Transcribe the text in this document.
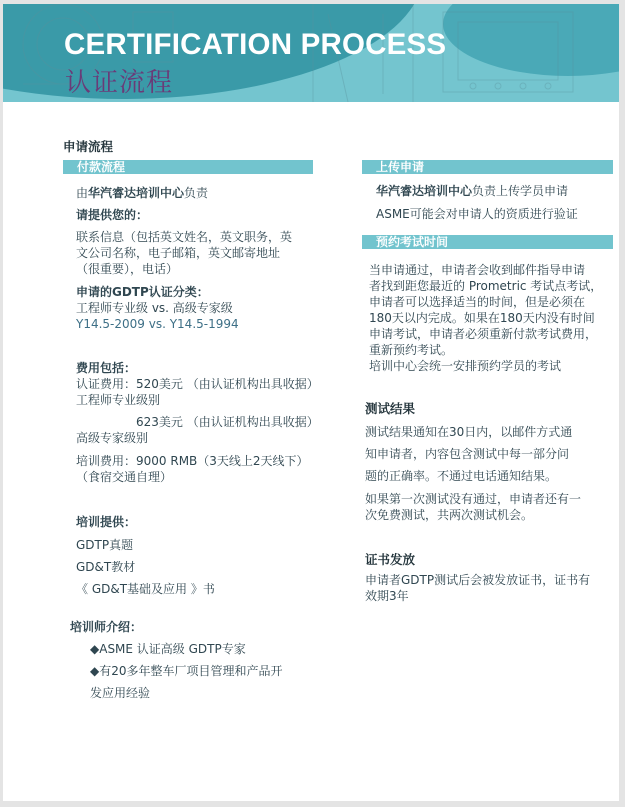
CERTIFICATION PROCESS
认证流程
申请流程
付款流程
由华汽睿达培训中心负责
请提供您的：
联系信息（包括英文姓名，英文职务，英
文公司名称，电子邮箱，英文邮寄地址
（很重要），电话）
申请的GDTP认证分类：
工程师专业级 vs. 高级专家级
Y14.5-2009 vs. Y14.5-1994
费用包括：
认证费用：520美元 （由认证机构出具收据）
工程师专业级别
623美元 （由认证机构出具收据）
高级专家级别
培训费用：9000 RMB（3天线上2天线下）
（食宿交通自理）
培训提供：
GDTP真题
GD&T教材
《 GD&T基础及应用 》书
培训师介绍：
◆ASME 认证高级 GDTP专家
◆有20多年整车厂项目管理和产品开
发应用经验
上传申请
华汽睿达培训中心负责上传学员申请
ASME可能会对申请人的资质进行验证
预约考试时间
当申请通过，申请者会收到邮件指导申请
者找到距您最近的 Prometric 考试点考试，
申请者可以选择适当的时间，但是必须在
180天以内完成。如果在180天内没有时间
申请考试，申请者必须重新付款考试费用，
重新预约考试。
培训中心会统一安排预约学员的考试
测试结果
测试结果通知在30日内，以邮件方式通
知申请者，内容包含测试中每一部分问
题的正确率。不通过电话通知结果。
如果第一次测试没有通过，申请者还有一
次免费测试，共两次测试机会。
证书发放
申请者GDTP测试后会被发放证书，证书有
效期3年
